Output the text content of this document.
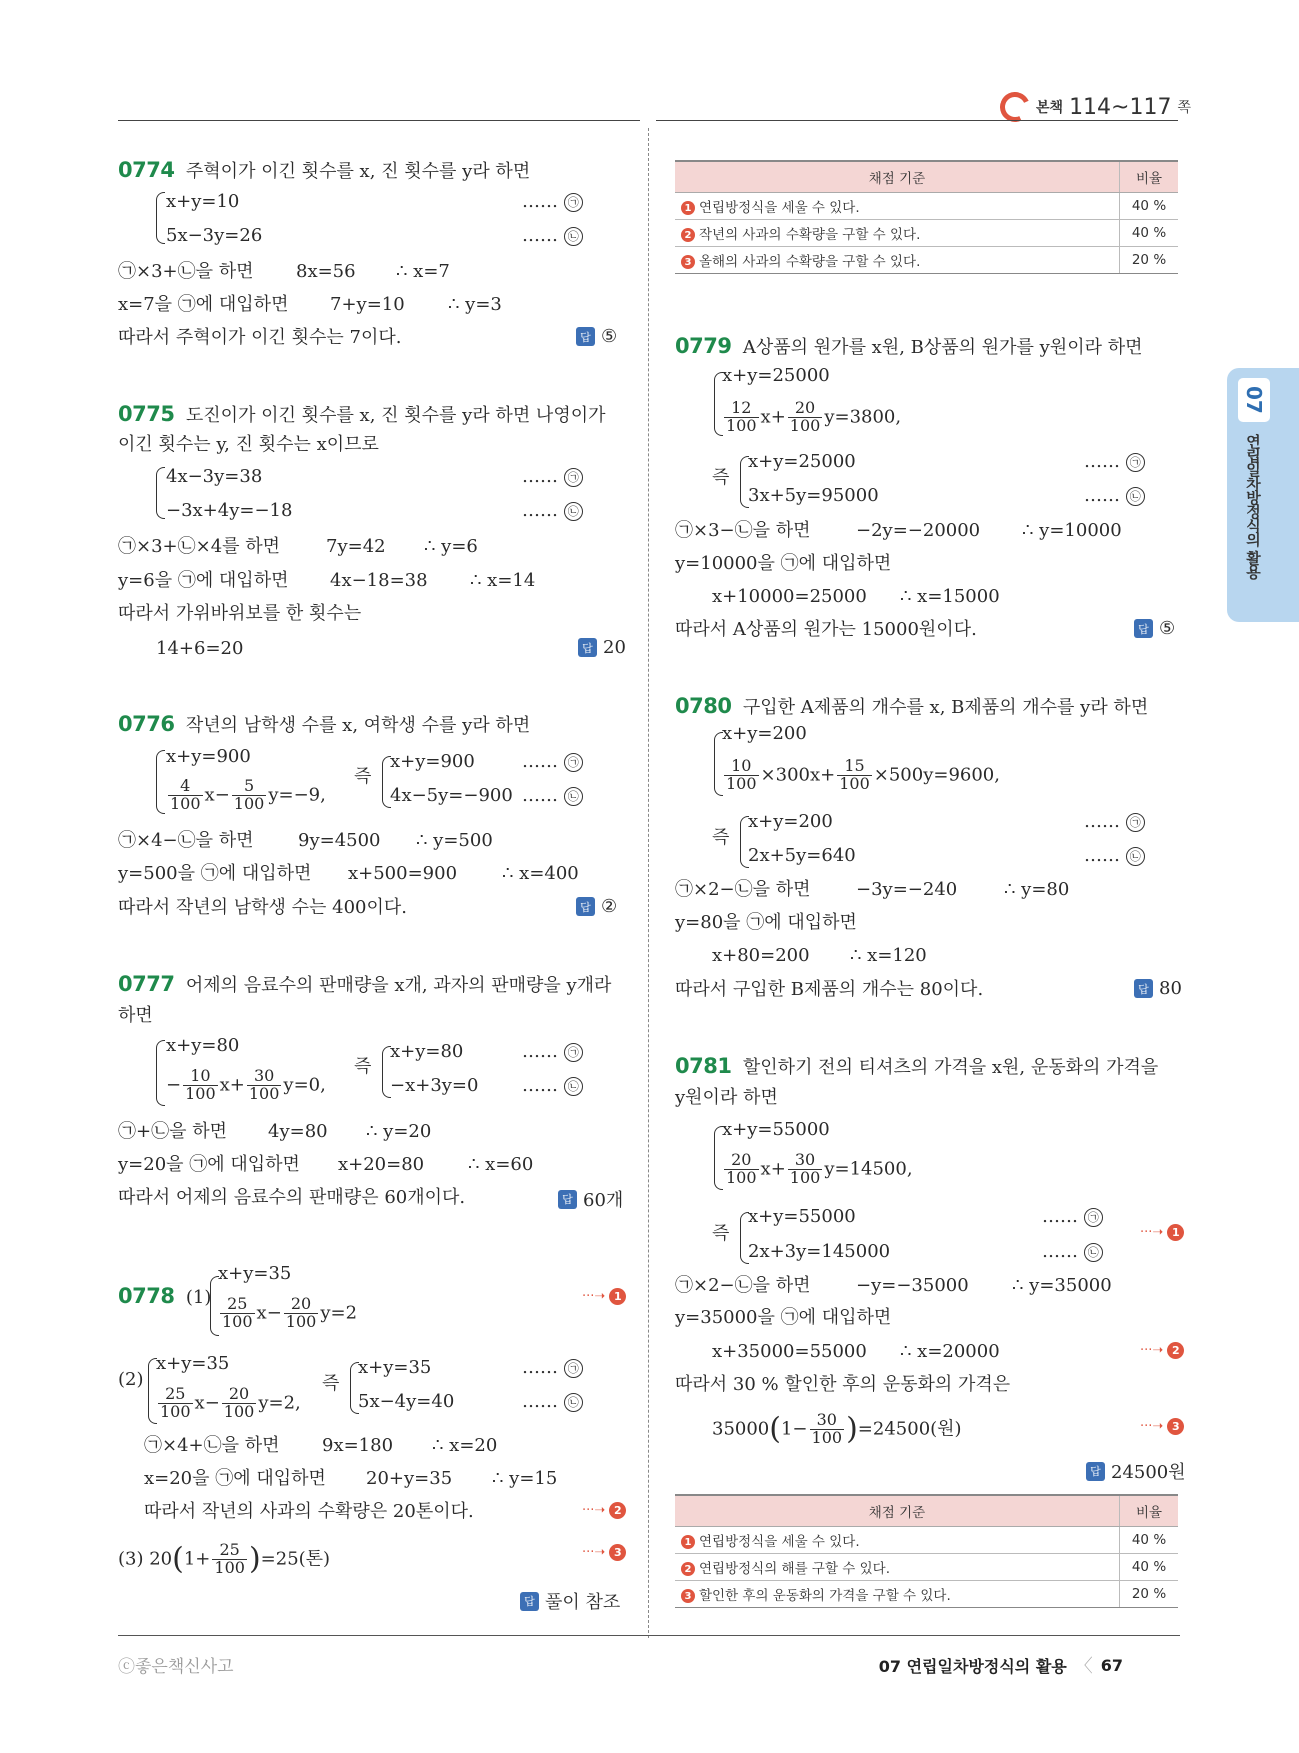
본책 114~117 쪽
07
연립일차방정식의 활용
0774 주혁이가 이긴 횟수를 x, 진 횟수를 y라 하면
x+y=10
5x−3y=26
…… ㉠
…… ㉡
㉠×3+㉡을 하면 8x=56 ∴ x=7
x=7을 ㉠에 대입하면 7+y=10 ∴ y=3
따라서 주혁이가 이긴 횟수는 7이다.	답 ⑤
0775 도진이가 이긴 횟수를 x, 진 횟수를 y라 하면 나영이가
이긴 횟수는 y, 진 횟수는 x이므로
4x−3y=38
−3x+4y=−18
…… ㉠
…… ㉡
㉠×3+㉡×4를 하면	7y=42 ∴ y=6
y=6을 ㉠에 대입하면 4x−18=38 ∴ x=14
따라서 가위바위보를 한 횟수는
14+6=20	답 20
0776 작년의 남학생 수를 x, 여학생 수를 y라 하면
x+y=900
$\frac{4}{100} x- \frac{5}{100} y=-9$,
즉
x+y=900
4x−5y=−900
…… ㉠
…… ㉡
㉠×4−㉡을 하면 9y=4500 ∴ y=500
y=500을 ㉠에 대입하면 x+500=900 ∴ x=400
따라서 작년의 남학생 수는 400이다.	답 ②
0777 어제의 음료수의 판매량을 x개, 과자의 판매량을 y개라
하면
x+y=80
− $\frac{10}{100} x+ \frac{30}{100} y=0$,
즉
x+y=80
−x+3y=0
…… ㉠
…… ㉡
㉠+㉡을 하면 4y=80 ∴ y=20
y=20을 ㉠에 대입하면 x+20=80 ∴ x=60
따라서 어제의 음료수의 판매량은 60개이다.	답 60개
0778 (1)
x+y=35
$\frac{25}{100} x- \frac{20}{100} y=2$
···➝ 1
(2)
x+y=35
$\frac{25}{100} x- \frac{20}{100} y=2$,
즉
x+y=35
5x−4y=40
…… ㉠
…… ㉡
㉠×4+㉡을 하면 9x=180 ∴ x=20
x=20을 ㉠에 대입하면 20+y=35 ∴ y=15
따라서 작년의 사과의 수확량은 20톤이다.	···➝ 2
(3) $20(1+ \frac{25}{100} )=25$(톤)	···➝ 3
답 풀이 참조
채점 기준	비율
1 연립방정식을 세울 수 있다.	40 %
2 작년의 사과의 수확량을 구할 수 있다.	40 %
3 올해의 사과의 수확량을 구할 수 있다.	20 %
0779 A상품의 원가를 x원, B상품의 원가를 y원이라 하면
x+y=25000
$\frac{12}{100} x+ \frac{20}{100} y=3800$,
즉
x+y=25000
3x+5y=95000
…… ㉠
…… ㉡
㉠×3−㉡을 하면	−2y=−20000 ∴ y=10000
y=10000을 ㉠에 대입하면
x+10000=25000 ∴ x=15000
따라서 A상품의 원가는 15000원이다.	답 ⑤
0780 구입한 A제품의 개수를 x, B제품의 개수를 y라 하면
x+y=200
$\frac{10}{100} \times 300x+ \frac{15}{100} \times 500y=9600$,
즉
x+y=200
2x+5y=640
…… ㉠
…… ㉡
㉠×2−㉡을 하면	−3y=−240	∴ y=80
y=80을 ㉠에 대입하면
x+80=200 ∴ x=120
따라서 구입한 B제품의 개수는 80이다.	답 80
0781 할인하기 전의 티셔츠의 가격을 x원, 운동화의 가격을
y원이라 하면
x+y=55000
$\frac{20}{100} x+ \frac{30}{100} y=14500$,
즉
x+y=55000
2x+3y=145000
…… ㉠
…… ㉡
···➝ 1
㉠×2−㉡을 하면	−y=−35000 ∴ y=35000
y=35000을 ㉠에 대입하면
x+35000=55000 ∴ x=20000	···➝ 2
따라서 30 % 할인한 후의 운동화의 가격은
$35000(1- \frac{30}{100} )=24500$(원)	···➝ 3
답 24500원
채점 기준	비율
1 연립방정식을 세울 수 있다.	40 %
2 연립방정식의 해를 구할 수 있다.	40 %
3 할인한 후의 운동화의 가격을 구할 수 있다.	20 %
ⓒ좋은책신사고	07 연립일차방정식의 활용 〈 67
